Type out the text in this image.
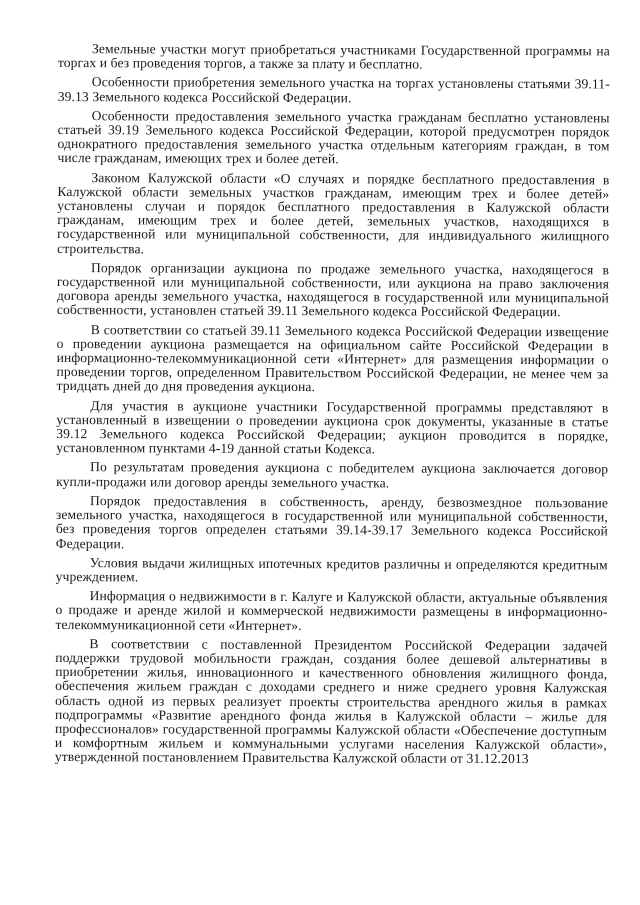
Земельные участки могут приобретаться участниками Государственной программы на торгах и без проведения торгов, а также за плату и бесплатно.

Особенности приобретения земельного участка на торгах установлены статьями 39.11-39.13 Земельного кодекса Российской Федерации.

Особенности предоставления земельного участка гражданам бесплатно установлены статьей 39.19 Земельного кодекса Российской Федерации, которой предусмотрен порядок однократного предоставления земельного участка отдельным категориям граждан, в том числе гражданам, имеющих трех и более детей.

Законом Калужской области «О случаях и порядке бесплатного предоставления в Калужской области земельных участков гражданам, имеющим трех и более детей» установлены случаи и порядок бесплатного предоставления в Калужской области гражданам, имеющим трех и более детей, земельных участков, находящихся в государственной или муниципальной собственности, для индивидуального жилищного строительства.

Порядок организации аукциона по продаже земельного участка, находящегося в государственной или муниципальной собственности, или аукциона на право заключения договора аренды земельного участка, находящегося в государственной или муниципальной собственности, установлен статьей 39.11 Земельного кодекса Российской Федерации.

В соответствии со статьей 39.11 Земельного кодекса Российской Федерации извещение о проведении аукциона размещается на официальном сайте Российской Федерации в информационно-телекоммуникационной сети «Интернет» для размещения информации о проведении торгов, определенном Правительством Российской Федерации, не менее чем за тридцать дней до дня проведения аукциона.

Для участия в аукционе участники Государственной программы представляют в установленный в извещении о проведении аукциона срок документы, указанные в статье 39.12 Земельного кодекса Российской Федерации; аукцион проводится в порядке, установленном пунктами 4-19 данной статьи Кодекса.

По результатам проведения аукциона с победителем аукциона заключается договор купли-продажи или договор аренды земельного участка.

Порядок предоставления в собственность, аренду, безвозмездное пользование земельного участка, находящегося в государственной или муниципальной собственности, без проведения торгов определен статьями 39.14-39.17 Земельного кодекса Российской Федерации.

Условия выдачи жилищных ипотечных кредитов различны и определяются кредитным учреждением.

Информация о недвижимости в г. Калуге и Калужской области, актуальные объявления о продаже и аренде жилой и коммерческой недвижимости размещены в информационно-телекоммуникационной сети «Интернет».

В соответствии с поставленной Президентом Российской Федерации задачей поддержки трудовой мобильности граждан, создания более дешевой альтернативы в приобретении жилья, инновационного и качественного обновления жилищного фонда, обеспечения жильем граждан с доходами среднего и ниже среднего уровня Калужская область одной из первых реализует проекты строительства арендного жилья в рамках подпрограммы «Развитие арендного фонда жилья в Калужской области – жилье для профессионалов» государственной программы Калужской области «Обеспечение доступным и комфортным жильем и коммунальными услугами населения Калужской области», утвержденной постановлением Правительства Калужской области от 31.12.2013
